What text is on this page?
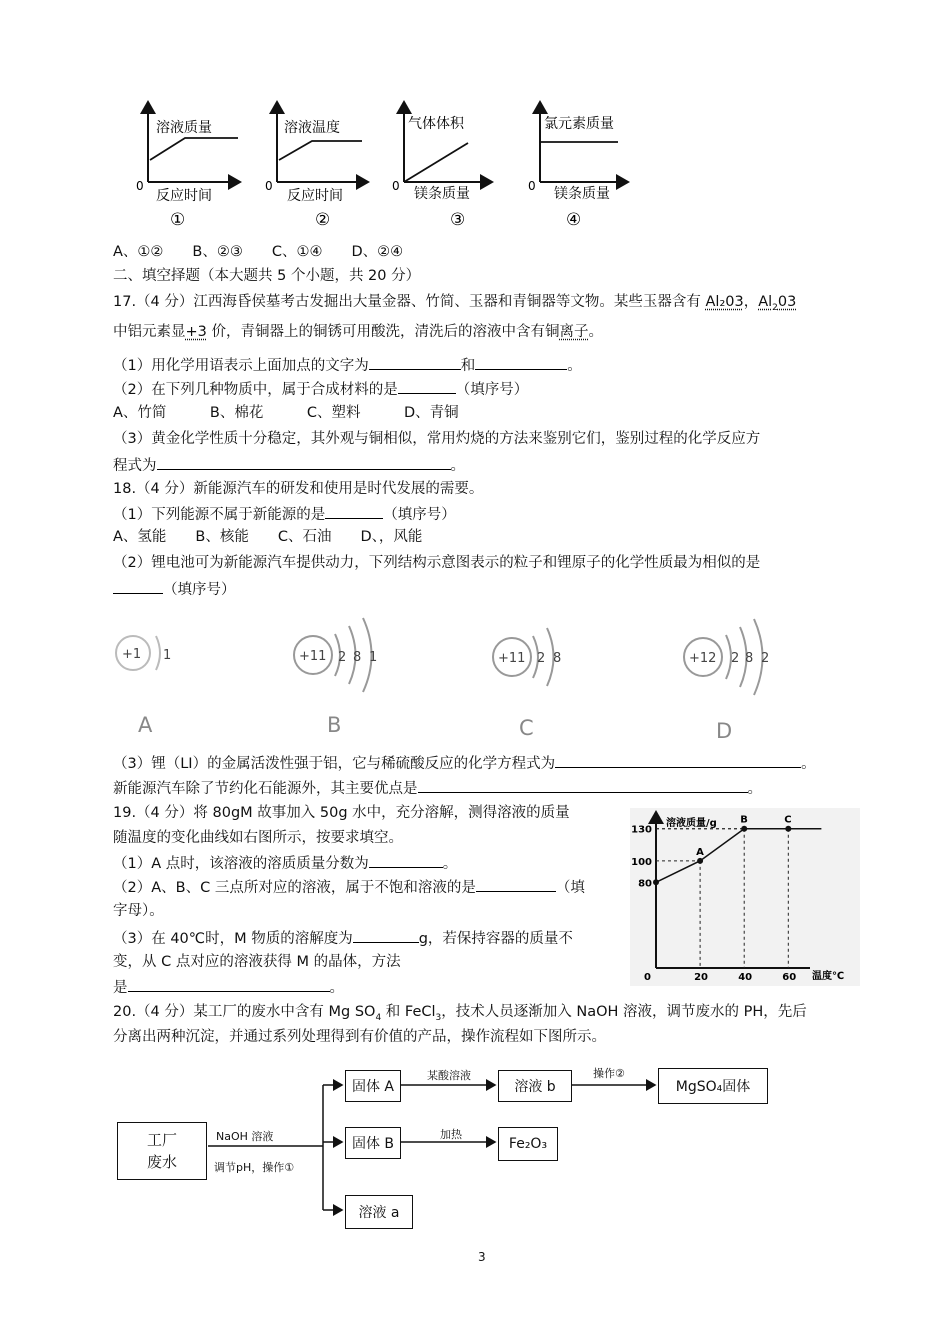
溶液质量
反应时间
0
①
溶液温度
反应时间
0
②
气体体积
镁条质量
0
③
氯元素质量
镁条质量
0
④
A、①②　　B、②③　　C、①④　　D、②④
二、填空择题（本大题共 5 个小题，共 20 分）
17.（4 分）江西海昏侯墓考古发掘出大量金器、竹简、玉器和青铜器等文物。某些玉器含有 Al₂03，$Al_203$
中铝元素显+3 价，青铜器上的铜锈可用酸洗，清洗后的溶液中含有铜离子。
（1）用化学用语表示上面加点的文字为	和	。
（2）在下列几种物质中，属于合成材料的是	（填序号）
A、竹简　　　B、棉花　　　C、塑料　　　D、青铜
（3）黄金化学性质十分稳定，其外观与铜相似，常用灼烧的方法来鉴别它们，鉴别过程的化学反应方
程式为	。
18.（4 分）新能源汽车的研发和使用是时代发展的需要。
（1）下列能源不属于新能源的是	（填序号）
A、氢能　　B、核能　　C、石油　　D、，风能
（2）锂电池可为新能源汽车提供动力，下列结构示意图表示的粒子和锂原子的化学性质最为相似的是
（填序号）
+1 1	+11 2 8 1	+11 2 8	+12 2 8 2
A	B	C	D
（3）锂（LI）的金属活泼性强于铝，它与稀硫酸反应的化学方程式为	。
新能源汽车除了节约化石能源外，其主要优点是	。
19.（4 分）将 80gM 故事加入 50g 水中，充分溶解，测得溶液的质量
随温度的变化曲线如右图所示，按要求填空。
（1）A 点时，该溶液的溶质质量分数为	。
（2）A、B、C 三点所对应的溶液，属于不饱和溶液的是	（填
字母）。
（3）在 40℃时，M 物质的溶解度为	g，若保持容器的质量不
变，从 C 点对应的溶液获得 M 的晶体，方法
是	。
溶液质量/g
温度℃
A
B	C
0	20	40	60
80
100
130
20.（4 分）某工厂的废水中含有 Mg $SO_4$ 和 FeCl$_3$，技术人员逐渐加入 NaOH 溶液，调节废水的 PH，先后
分离出两种沉淀，并通过系列处理得到有价值的产品，操作流程如下图所示。
工厂
废水
NaOH 溶液
调节pH，操作①
固体 A
某酸溶液
溶液 b
操作②
MgSO₄固体
固体 B
加热
Fe₂O₃
溶液 a
3
